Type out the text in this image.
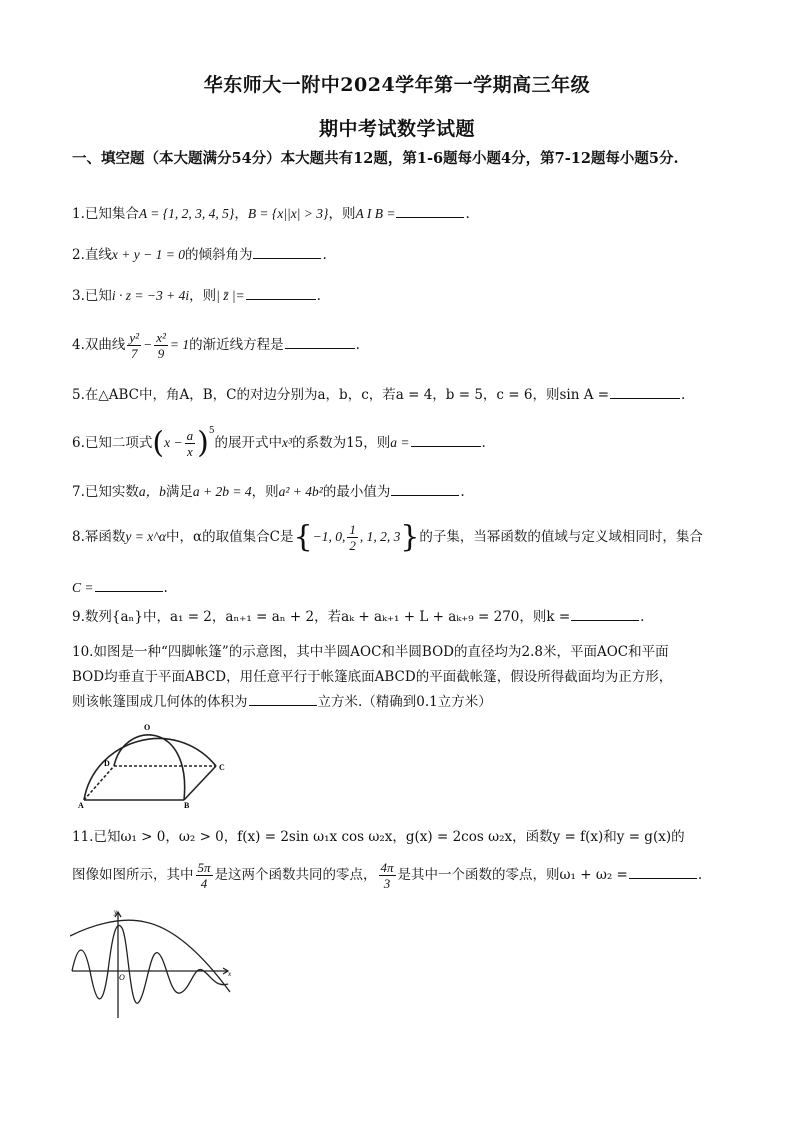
华东师大一附中2024学年第一学期高三年级
期中考试数学试题
一、填空题（本大题满分54分）本大题共有12题，第1-6题每小题4分，第7-12题每小题5分.
1.已知集合A = {1, 2, 3, 4, 5}，B = {x||x| > 3}，则A I B =	.
2.直线x + y − 1 = 0的倾斜角为	.
3.已知i · z = −3 + 4i，则| z̄ |=	.
4.双曲线 $\frac{\text{y²}}{7} - \frac{\text{x²}}{9} = 1$的渐近线方程是	.
5.在△ABC中，角A，B，C的对边分别为a，b，c，若a = 4，b = 5，c = 6，则sin A =	.
6.已知二项式$(x - \frac{a}{x} )^5$的展开式中x³的系数为15，则a =	.
7.已知实数a，b满足a + 2b = 4，则a² + 4b²的最小值为	.
8.幂函数y = x^α中，α的取值集合C是{−1, 0, $\frac{1}{2}$ , 1, 2, 3}的子集，当幂函数的值域与定义域相同时，集合
C =	.
9.数列{aₙ}中，a₁ = 2，aₙ₊₁ = aₙ + 2，若aₖ + aₖ₊₁ + L + aₖ₊₉ = 270，则k =	.
10.如图是一种“四脚帐篷”的示意图，其中半圆AOC和半圆BOD的直径均为2.8米，平面AOC和平面
BOD均垂直于平面ABCD，用任意平行于帐篷底面ABCD的平面截帐篷，假设所得截面均为正方形，
则该帐篷围成几何体的体积为	立方米.（精确到0.1立方米）
O
D	C
A	B
11.已知ω₁ > 0，ω₂ > 0，f(x) = 2sin ω₁x cos ω₂x，g(x) = 2cos ω₂x，函数y = f(x)和y = g(x)的
图像如图所示，其中 $\frac{5\pi}{4}$ 是这两个函数共同的零点， $\frac{4\pi}{3}$ 是其中一个函数的零点，则ω₁ + ω₂ =	.
y
O	x
